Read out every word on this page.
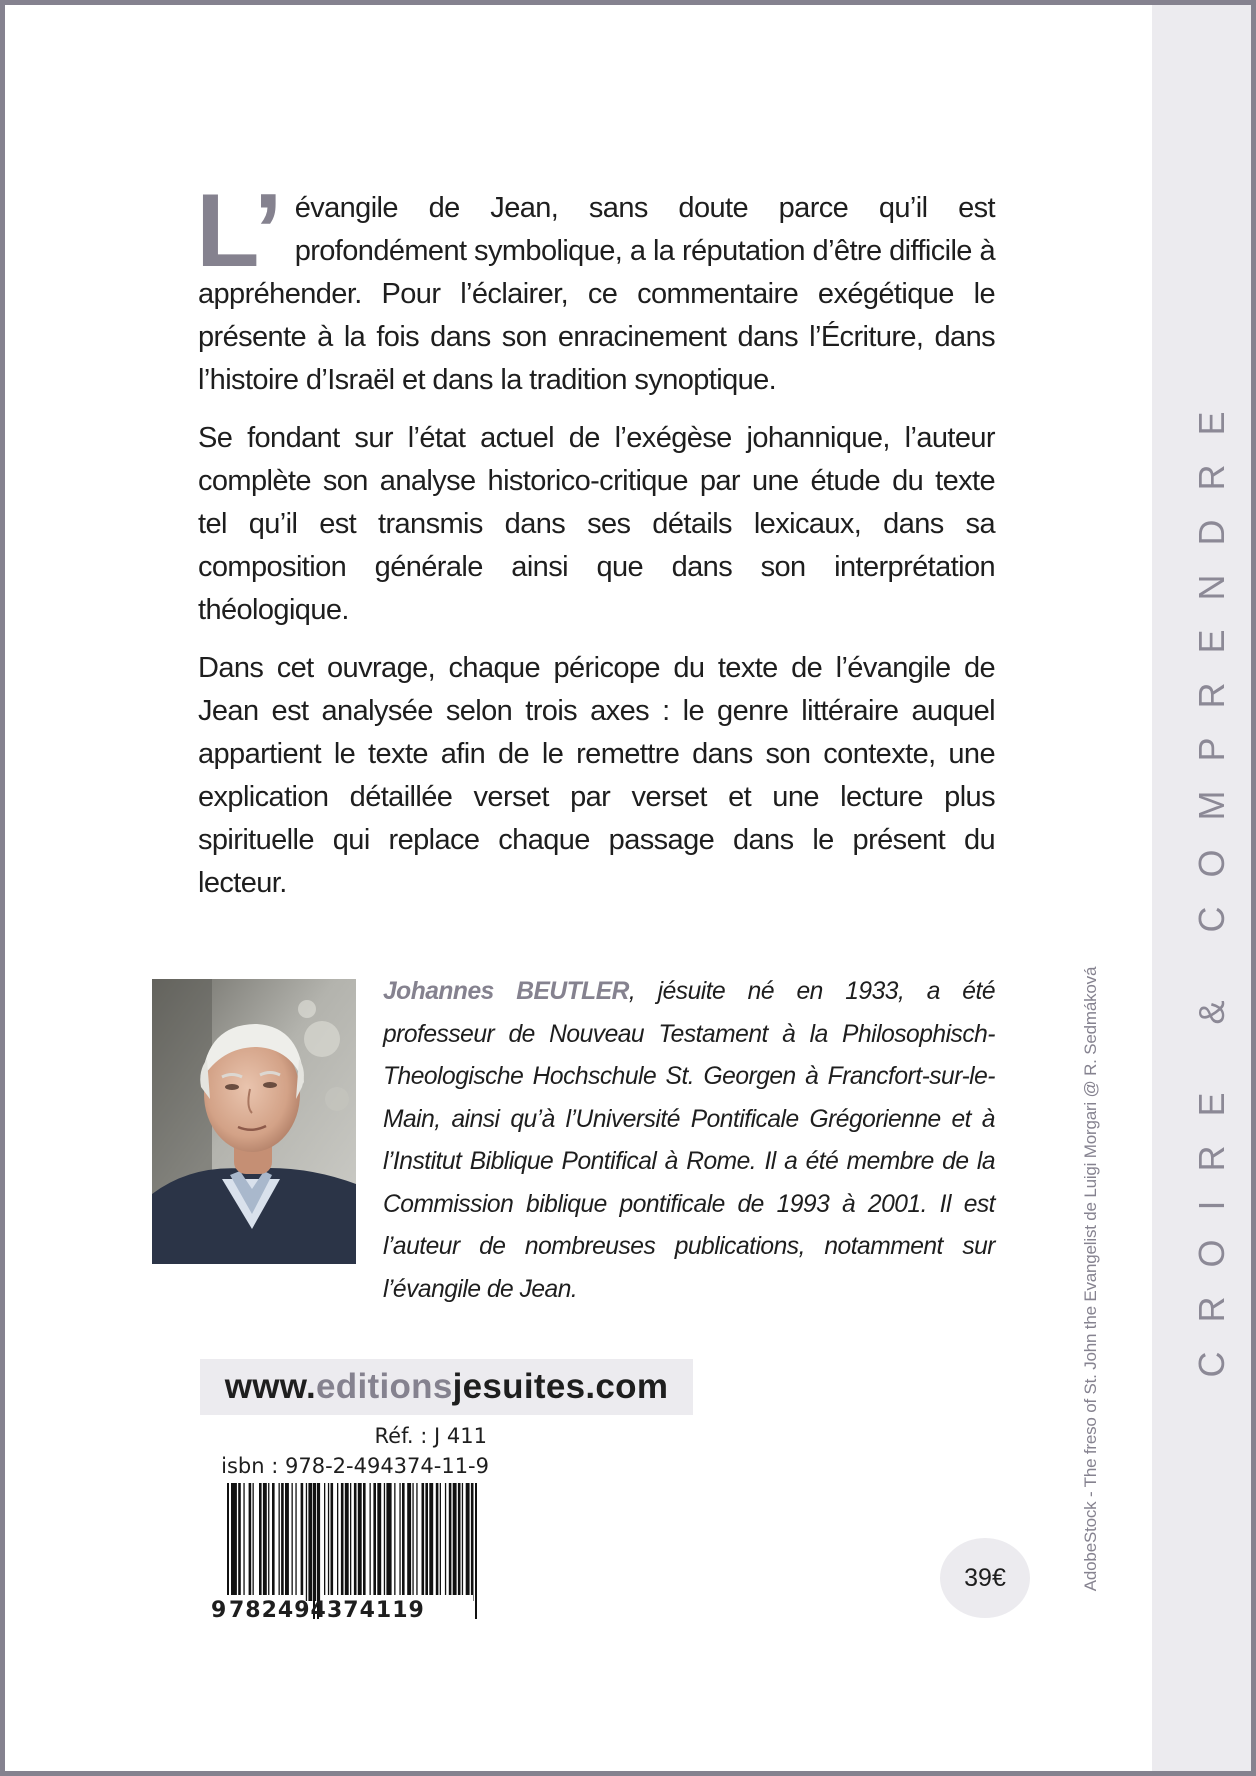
CROIRE & COMPRENDRE

L’ évangile de Jean, sans doute parce qu’il est profondément symbolique, a la réputation d’être difficile à appréhender. Pour l’éclairer, ce commentaire exégétique le présente à la fois dans son enracinement dans l’Écriture, dans l’histoire d’Israël et dans la tradition synoptique.

Se fondant sur l’état actuel de l’exégèse johannique, l’auteur complète son analyse historico-critique par une étude du texte tel qu’il est transmis dans ses détails lexicaux, dans sa composition générale ainsi que dans son interprétation théologique.

Dans cet ouvrage, chaque péricope du texte de l’évangile de Jean est analysée selon trois axes : le genre littéraire auquel appartient le texte afin de le remettre dans son contexte, une explication détaillée verset par verset et une lecture plus spirituelle qui replace chaque passage dans le présent du lecteur.

Johannes BEUTLER, jésuite né en 1933, a été professeur de Nouveau Testament à la Philosophisch-Theologische Hochschule St. Georgen à Francfort-sur-le-Main, ainsi qu’à l’Université Pontificale Grégorienne et à l’Institut Biblique Pontifical à Rome. Il a été membre de la Commission biblique pontificale de 1993 à 2001. Il est l’auteur de nombreuses publications, notamment sur l’évangile de Jean.
www.editionsjesuites.com
Réf. : J 411
isbn : 978-2-494374-11-9
9 782494 374119
39€	AdobeStock - The freso of St. John the Evangelist de Luigi Morgari @ R. Sedmáková
